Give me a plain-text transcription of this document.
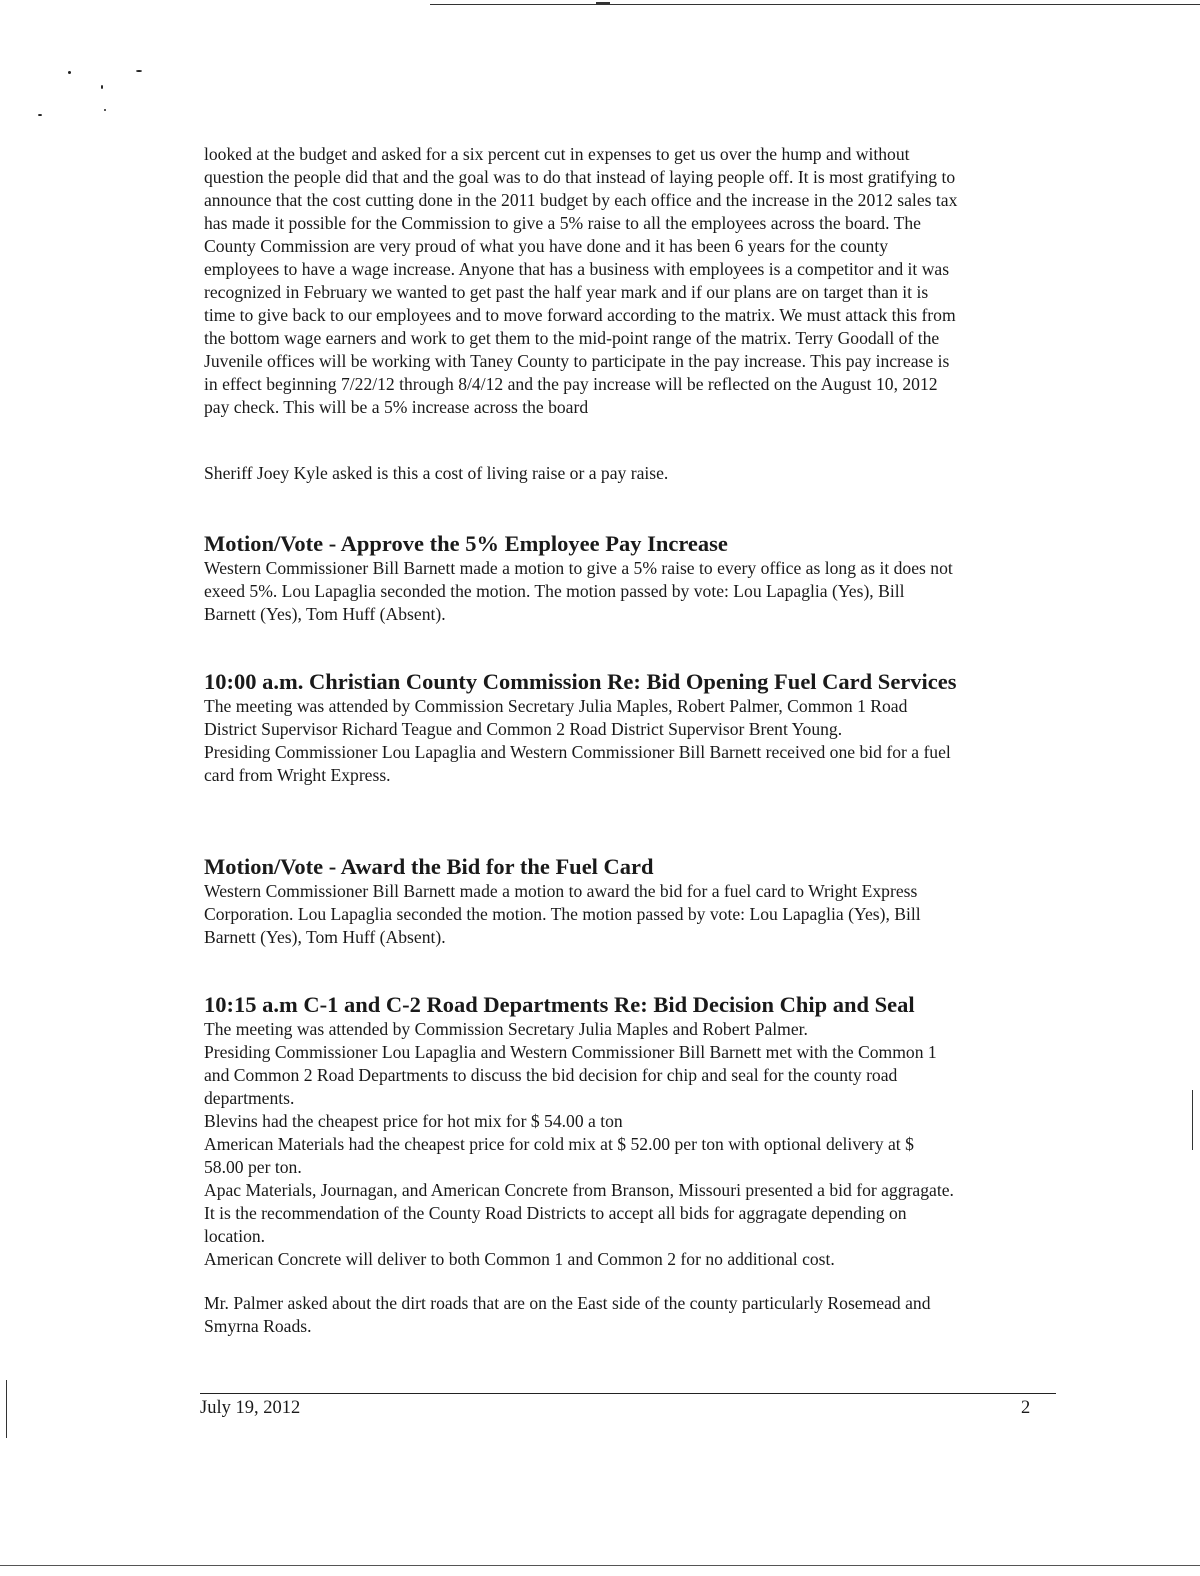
looked at the budget and asked for a six percent cut in expenses to get us over the hump and without
question the people did that and the goal was to do that instead of laying people off. It is most gratifying to
announce that the cost cutting done in the 2011 budget by each office and the increase in the 2012 sales tax
has made it possible for the Commission to give a 5% raise to all the employees across the board. The
County Commission are very proud of what you have done and it has been 6 years for the county
employees to have a wage increase. Anyone that has a business with employees is a competitor and it was
recognized in February we wanted to get past the half year mark and if our plans are on target than it is
time to give back to our employees and to move forward according to the matrix. We must attack this from
the bottom wage earners and work to get them to the mid-point range of the matrix. Terry Goodall of the
Juvenile offices will be working with Taney County to participate in the pay increase. This pay increase is
in effect beginning 7/22/12 through 8/4/12 and the pay increase will be reflected on the August 10, 2012
pay check. This will be a 5% increase across the board
Sheriff Joey Kyle asked is this a cost of living raise or a pay raise.
Motion/Vote - Approve the 5% Employee Pay Increase
Western Commissioner Bill Barnett made a motion to give a 5% raise to every office as long as it does not
exeed 5%. Lou Lapaglia seconded the motion. The motion passed by vote: Lou Lapaglia (Yes), Bill
Barnett (Yes), Tom Huff (Absent).
10:00 a.m. Christian County Commission Re: Bid Opening Fuel Card Services
The meeting was attended by Commission Secretary Julia Maples, Robert Palmer, Common 1 Road
District Supervisor Richard Teague and Common 2 Road District Supervisor Brent Young.
Presiding Commissioner Lou Lapaglia and Western Commissioner Bill Barnett received one bid for a fuel
card from Wright Express.
Motion/Vote - Award the Bid for the Fuel Card
Western Commissioner Bill Barnett made a motion to award the bid for a fuel card to Wright Express
Corporation. Lou Lapaglia seconded the motion. The motion passed by vote: Lou Lapaglia (Yes), Bill
Barnett (Yes), Tom Huff (Absent).
10:15 a.m C-1 and C-2 Road Departments Re: Bid Decision Chip and Seal
The meeting was attended by Commission Secretary Julia Maples and Robert Palmer.
Presiding Commissioner Lou Lapaglia and Western Commissioner Bill Barnett met with the Common 1
and Common 2 Road Departments to discuss the bid decision for chip and seal for the county road
departments.
Blevins had the cheapest price for hot mix for $ 54.00 a ton
American Materials had the cheapest price for cold mix at $ 52.00 per ton with optional delivery at $
58.00 per ton.
Apac Materials, Journagan, and American Concrete from Branson, Missouri presented a bid for aggragate.
It is the recommendation of the County Road Districts to accept all bids for aggragate depending on
location.
American Concrete will deliver to both Common 1 and Common 2 for no additional cost.
Mr. Palmer asked about the dirt roads that are on the East side of the county particularly Rosemead and
Smyrna Roads.
July 19, 2012	2
